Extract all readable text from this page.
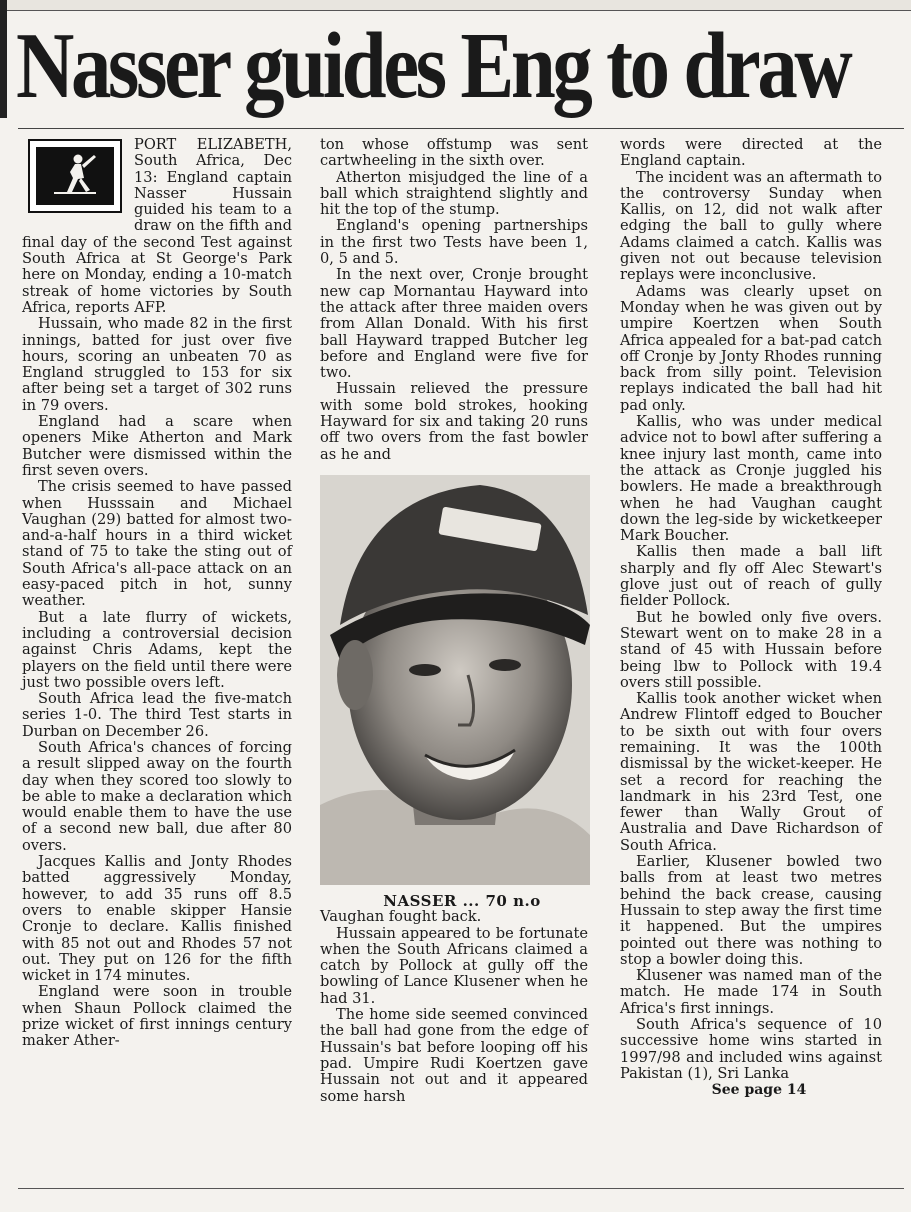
Nasser guides Eng to draw

PORT ELIZABETH, South Africa, Dec 13: England captain Nasser Hussain guided his team to a draw on the fifth and final day of the second Test against South Africa at St George's Park here on Monday, ending a 10-match streak of home victories by South Africa, reports AFP.

Hussain, who made 82 in the first innings, batted for just over five hours, scoring an unbeaten 70 as England struggled to 153 for six after being set a target of 302 runs in 79 overs.

England had a scare when openers Mike Atherton and Mark Butcher were dismissed within the first seven overs.

The crisis seemed to have passed when Husssain and Michael Vaughan (29) batted for almost two-and-a-half hours in a third wicket stand of 75 to take the sting out of South Africa's all-pace attack on an easy-paced pitch in hot, sunny weather.

But a late flurry of wickets, including a controversial decision against Chris Adams, kept the players on the field until there were just two possible overs left.

South Africa lead the five-match series 1-0. The third Test starts in Durban on December 26.

South Africa's chances of forcing a result slipped away on the fourth day when they scored too slowly to be able to make a declaration which would enable them to have the use of a second new ball, due after 80 overs.

Jacques Kallis and Jonty Rhodes batted aggressively Monday, however, to add 35 runs off 8.5 overs to enable skipper Hansie Cronje to declare. Kallis finished with 85 not out and Rhodes 57 not out. They put on 126 for the fifth wicket in 174 minutes.

England were soon in trouble when Shaun Pollock claimed the prize wicket of first innings century maker Ather-

ton whose offstump was sent cartwheeling in the sixth over.

Atherton misjudged the line of a ball which straightend slightly and hit the top of the stump.

England's opening partnerships in the first two Tests have been 1, 0, 5 and 5.

In the next over, Cronje brought new cap Mornantau Hayward into the attack after three maiden overs from Allan Donald. With his first ball Hayward trapped Butcher leg before and England were five for two.

Hussain relieved the pressure with some bold strokes, hooking Hayward for six and taking 20 runs off two overs from the fast bowler as he and

NASSER ... 70 n.o

Vaughan fought back.

Hussain appeared to be fortunate when the South Africans claimed a catch by Pollock at gully off the bowling of Lance Klusener when he had 31.

The home side seemed convinced the ball had gone from the edge of Hussain's bat before looping off his pad. Umpire Rudi Koertzen gave Hussain not out and it appeared some harsh

words were directed at the England captain.

The incident was an aftermath to the controversy Sunday when Kallis, on 12, did not walk after edging the ball to gully where Adams claimed a catch. Kallis was given not out because television replays were inconclusive.

Adams was clearly upset on Monday when he was given out by umpire Koertzen when South Africa appealed for a bat-pad catch off Cronje by Jonty Rhodes running back from silly point. Television replays indicated the ball had hit pad only.

Kallis, who was under medical advice not to bowl after suffering a knee injury last month, came into the attack as Cronje juggled his bowlers. He made a breakthrough when he had Vaughan caught down the leg-side by wicketkeeper Mark Boucher.

Kallis then made a ball lift sharply and fly off Alec Stewart's glove just out of reach of gully fielder Pollock.

But he bowled only five overs. Stewart went on to make 28 in a stand of 45 with Hussain before being lbw to Pollock with 19.4 overs still possible.

Kallis took another wicket when Andrew Flintoff edged to Boucher to be sixth out with four overs remaining. It was the 100th dismissal by the wicket-keeper. He set a record for reaching the landmark in his 23rd Test, one fewer than Wally Grout of Australia and Dave Richardson of South Africa.

Earlier, Klusener bowled two balls from at least two metres behind the back crease, causing Hussain to step away the first time it happened. But the umpires pointed out there was nothing to stop a bowler doing this.

Klusener was named man of the match. He made 174 in South Africa's first innings.

South Africa's sequence of 10 successive home wins started in 1997/98 and included wins against Pakistan (1), Sri Lanka

See page 14
